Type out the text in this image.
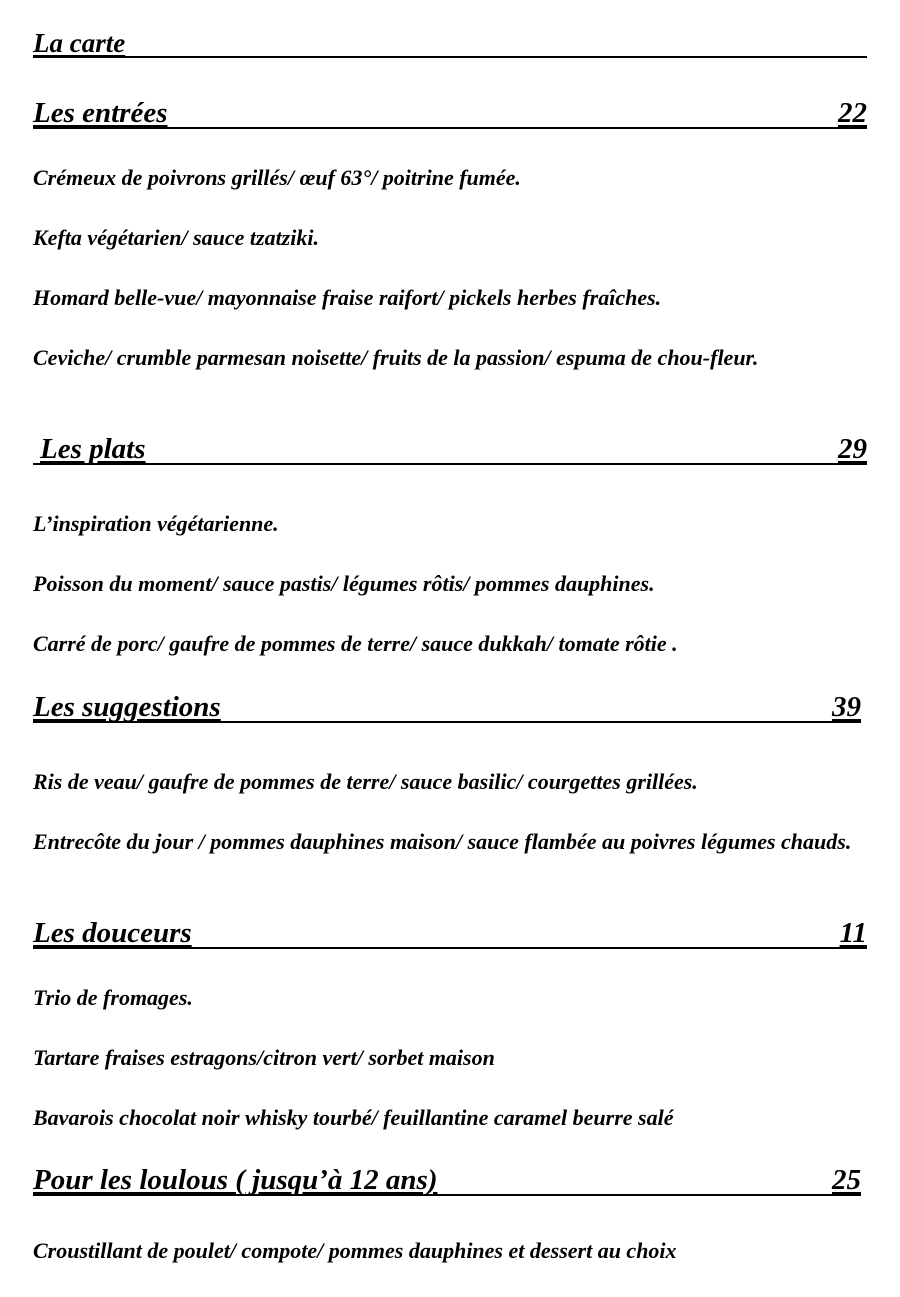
La carte
Les entrées	22
Crémeux de poivrons grillés/ œuf 63°/ poitrine fumée.
Kefta végétarien/ sauce tzatziki.
Homard belle-vue/ mayonnaise fraise raifort/ pickels herbes fraîches.
Ceviche/ crumble parmesan noisette/ fruits de la passion/ espuma de chou-fleur.
Les plats	29
L’inspiration végétarienne.
Poisson du moment/ sauce pastis/ légumes rôtis/ pommes dauphines.
Carré de porc/ gaufre de pommes de terre/ sauce dukkah/ tomate rôtie .
Les suggestions	39
Ris de veau/ gaufre de pommes de terre/ sauce basilic/ courgettes grillées.
Entrecôte du jour / pommes dauphines maison/ sauce flambée au poivres légumes chauds.
Les douceurs	11
Trio de fromages.
Tartare fraises estragons/citron vert/ sorbet maison
Bavarois chocolat noir whisky tourbé/ feuillantine caramel beurre salé
Pour les loulous ( jusqu’à 12 ans)	25
Croustillant de poulet/ compote/ pommes dauphines et dessert au choix
